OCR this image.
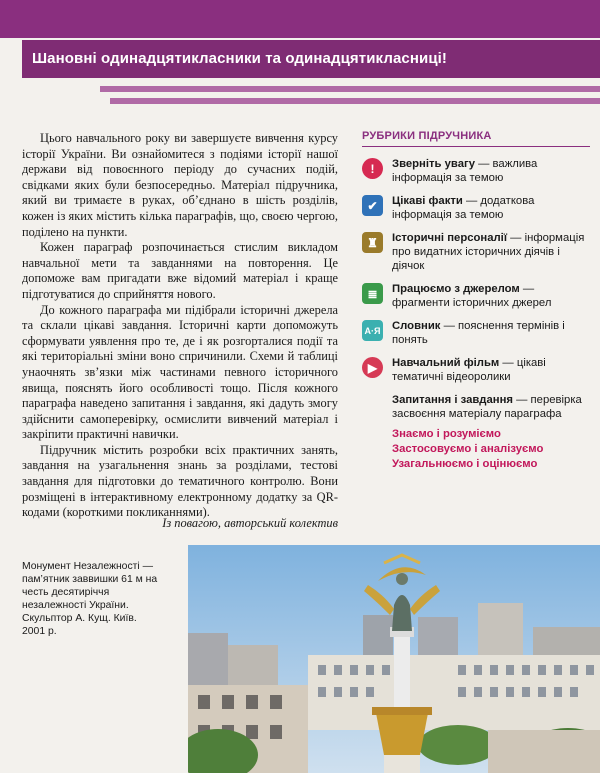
Шановні одинадцятикласники та одинадцятикласниці!

Цього навчального року ви завершуєте вивчення курсу історії України. Ви ознайомитеся з подіями історії нашої держави від повоєнного періоду до сучасних подій, свідками яких були безпосередньо. Матеріал підручника, який ви тримаєте в руках, об’єднано в шість розділів, кожен із яких містить кілька параграфів, що, своєю чергою, поділено на пункти.

Кожен параграф розпочинається стислим викладом навчальної мети та завданнями на повторення. Це допоможе вам пригадати вже відомий матеріал і краще підготуватися до сприйняття нового.

До кожного параграфа ми підібрали історичні джерела та склали цікаві завдання. Історичні карти допоможуть сформувати уявлення про те, де і як розгорталися події та які територіальні зміни воно спричинили. Схеми й таблиці унаочнять зв’язки між частинами певного історичного явища, пояснять його особливості тощо. Після кожного параграфа наведено запитання і завдання, які дадуть змогу здійснити самоперевірку, осмислити вивчений матеріал і закріпити практичні навички.

Підручник містить розробки всіх практичних занять, завдання на узагальнення знань за розділами, тестові завдання для підготовки до тематичного контролю. Вони розміщені в інтерактивному електронному додатку за QR-кодами (короткими покликаннями).

Із повагою, авторський колектив
РУБРИКИ ПІДРУЧНИКА
!	Зверніть увагу — важлива інформація за темою
✔	Цікаві факти — додаткова інформація за темою
♜	Історичні персоналії — інформація про видатних історичних діячів і діячок
≣	Працюємо з джерелом — фрагменти історичних джерел
А·Я Словник — пояснення термінів і понять
▶	Навчальний фільм — цікаві тематичні відеоролики
Запитання і завдання — перевірка засвоєння матеріалу параграфа
Знаємо і розуміємо
Застосовуємо і аналізуємо
Узагальнюємо і оцінюємо
Монумент Незалежності —
пам’ятник заввишки 61 м на
честь десятиріччя
незалежності України.
Скульптор А. Кущ. Київ.
2001 р.
